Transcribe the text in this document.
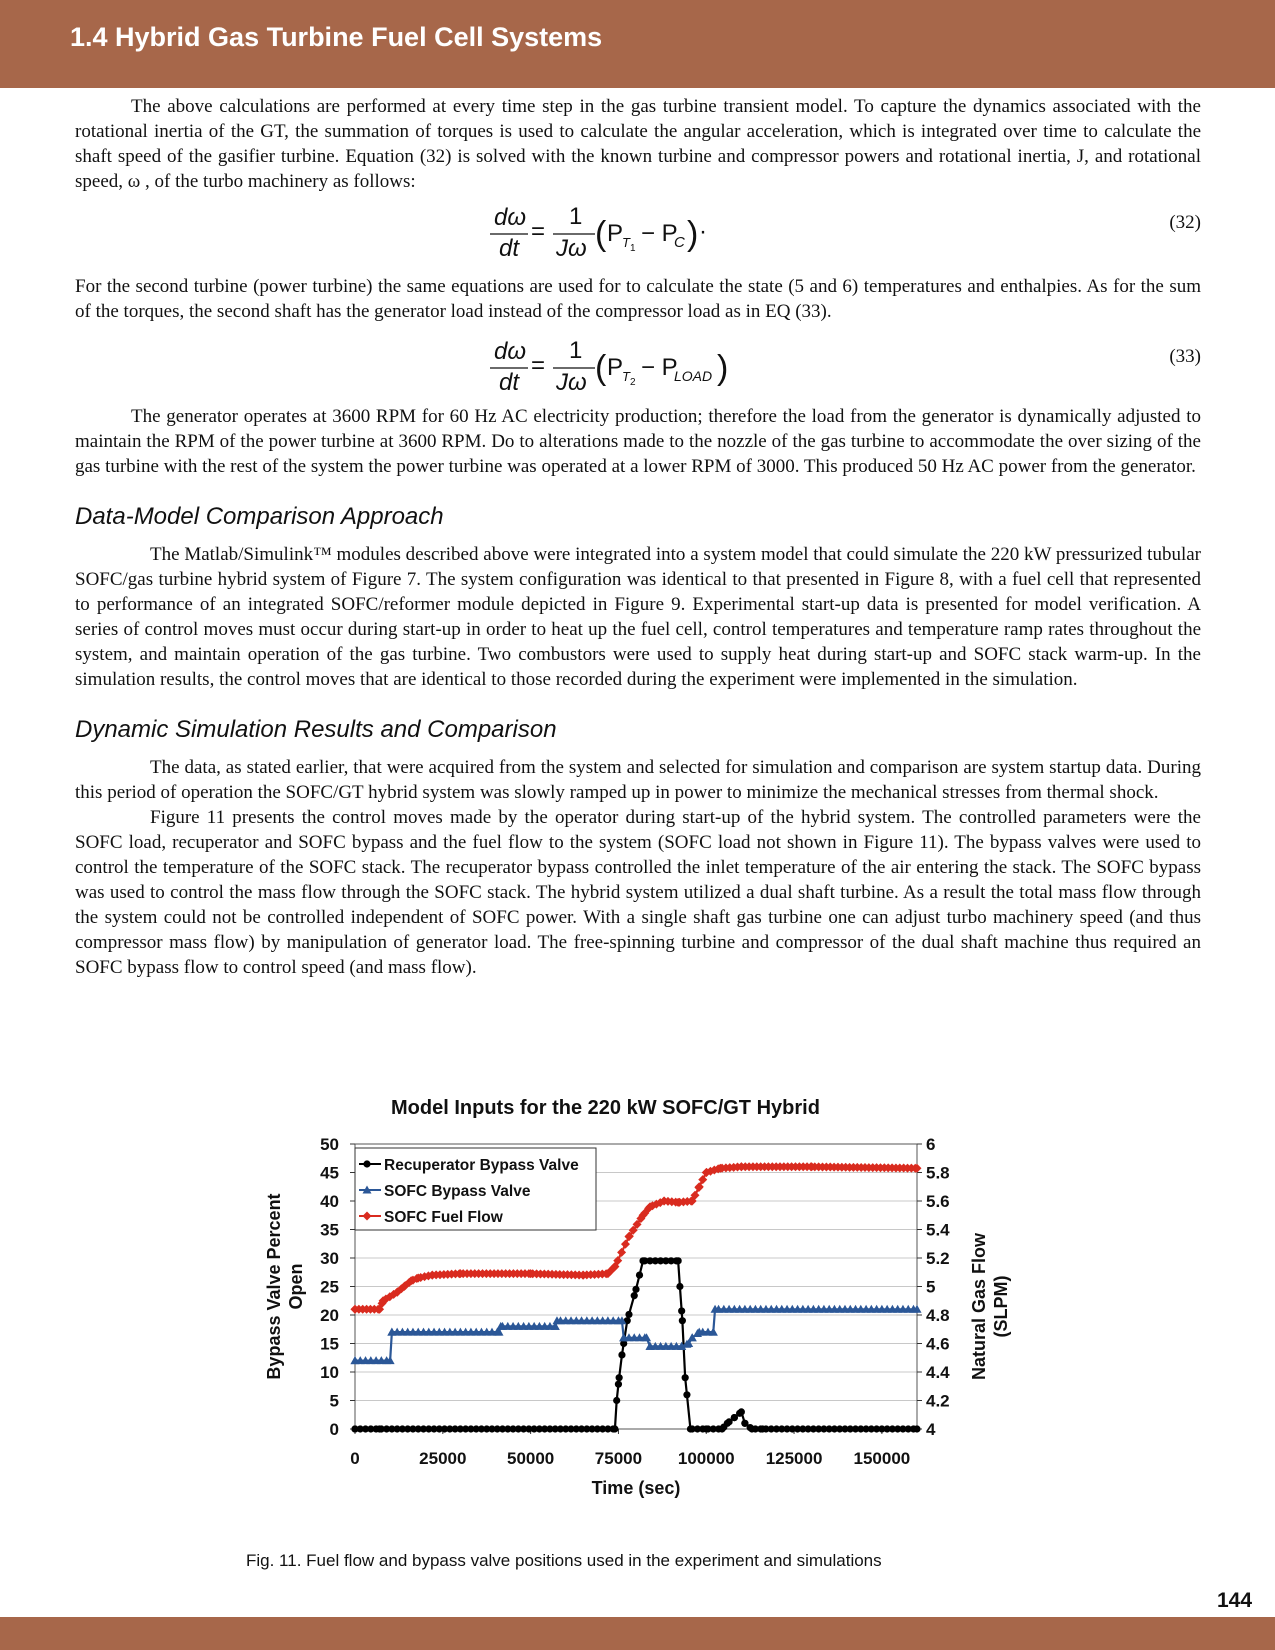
1.4 Hybrid Gas Turbine Fuel Cell Systems

The above calculations are performed at every time step in the gas turbine transient model. To capture the dynamics associated with the rotational inertia of the GT, the summation of torques is used to calculate the angular acceleration, which is integrated over time to calculate the shaft speed of the gasifier turbine. Equation (32) is solved with the known turbine and compressor powers and rotational inertia, J, and rotational speed, ω , of the turbo machinery as follows:

dω
dt
=
1
Jω ( P
T 1
− P
C ) ·	(32)

For the second turbine (power turbine) the same equations are used for to calculate the state (5 and 6) temperatures and enthalpies. As for the sum of the torques, the second shaft has the generator load instead of the compressor load as in EQ (33).

dω
dt
=
1
Jω ( P
T 2
− P
LOAD )	(33)

The generator operates at 3600 RPM for 60 Hz AC electricity production; therefore the load from the generator is dynamically adjusted to maintain the RPM of the power turbine at 3600 RPM. Do to alterations made to the nozzle of the gas turbine to accommodate the over sizing of the gas turbine with the rest of the system the power turbine was operated at a lower RPM of 3000. This produced 50 Hz AC power from the generator.

Data-Model Comparison Approach

The Matlab/Simulink™ modules described above were integrated into a system model that could simulate the 220 kW pressurized tubular SOFC/gas turbine hybrid system of Figure 7. The system configuration was identical to that presented in Figure 8, with a fuel cell that represented to performance of an integrated SOFC/reformer module depicted in Figure 9. Experimental start-up data is presented for model verification. A series of control moves must occur during start-up in order to heat up the fuel cell, control temperatures and temperature ramp rates throughout the system, and maintain operation of the gas turbine. Two combustors were used to supply heat during start-up and SOFC stack warm-up. In the simulation results, the control moves that are identical to those recorded during the experiment were implemented in the simulation.

Dynamic Simulation Results and Comparison

The data, as stated earlier, that were acquired from the system and selected for simulation and comparison are system startup data. During this period of operation the SOFC/GT hybrid system was slowly ramped up in power to minimize the mechanical stresses from thermal shock.

Figure 11 presents the control moves made by the operator during start-up of the hybrid system. The controlled parameters were the SOFC load, recuperator and SOFC bypass and the fuel flow to the system (SOFC load not shown in Figure 11). The bypass valves were used to control the temperature of the SOFC stack. The recuperator bypass controlled the inlet temperature of the air entering the stack. The SOFC bypass was used to control the mass flow through the SOFC stack. The hybrid system utilized a dual shaft turbine. As a result the total mass flow through the system could not be controlled independent of SOFC power. With a single shaft gas turbine one can adjust turbo machinery speed (and thus compressor mass flow) by manipulation of generator load. The free-spinning turbine and compressor of the dual shaft machine thus required an SOFC bypass flow to control speed (and mass flow).

Model Inputs for the 220 kW SOFC/GT Hybrid

0
5
10
15
20
25
30
35
40
45
50
4
4.2
4.4
4.6
4.8
5
5.2
5.4
5.6
5.8
6
0	25000 50000 75000 100000 125000 150000
Time (sec)
Bypass Valve Percent Open	Natural Gas Flow (SLPM)
Recuperator Bypass Valve
SOFC Bypass Valve
SOFC Fuel Flow

Fig. 11. Fuel flow and bypass valve positions used in the experiment and simulations

144
